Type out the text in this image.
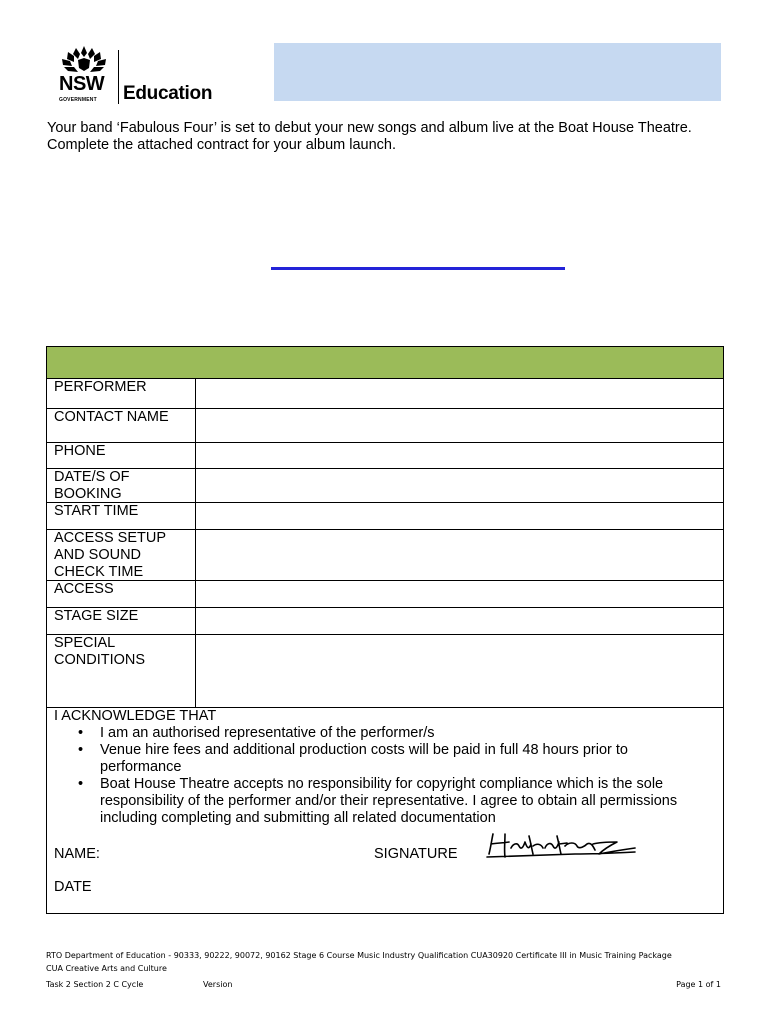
NSW
GOVERNMENT Education

Your band ‘Fabulous Four’ is set to debut your new songs and album live at the Boat House Theatre. Complete the attached contract for your album launch.

PERFORMER
CONTACT NAME
PHONE
DATE/S OF BOOKING
START TIME
ACCESS SETUP AND SOUND CHECK TIME
ACCESS
STAGE SIZE
SPECIAL CONDITIONS
I ACKNOWLEDGE THAT
• I am an authorised representative of the performer/s
• Venue hire fees and additional production costs will be paid in full 48 hours prior to performance
• Boat House Theatre accepts no responsibility for copyright compliance which is the sole responsibility of the performer and/or their representative. I agree to obtain all permissions including completing and submitting all related documentation
NAME:	SIGNATURE
DATE
RTO Department of Education - 90333, 90222, 90072, 90162 Stage 6 Course Music Industry Qualification CUA30920 Certificate III in Music Training Package
CUA Creative Arts and Culture
Task 2 Section 2 C Cycle	Version	Page 1 of 1
